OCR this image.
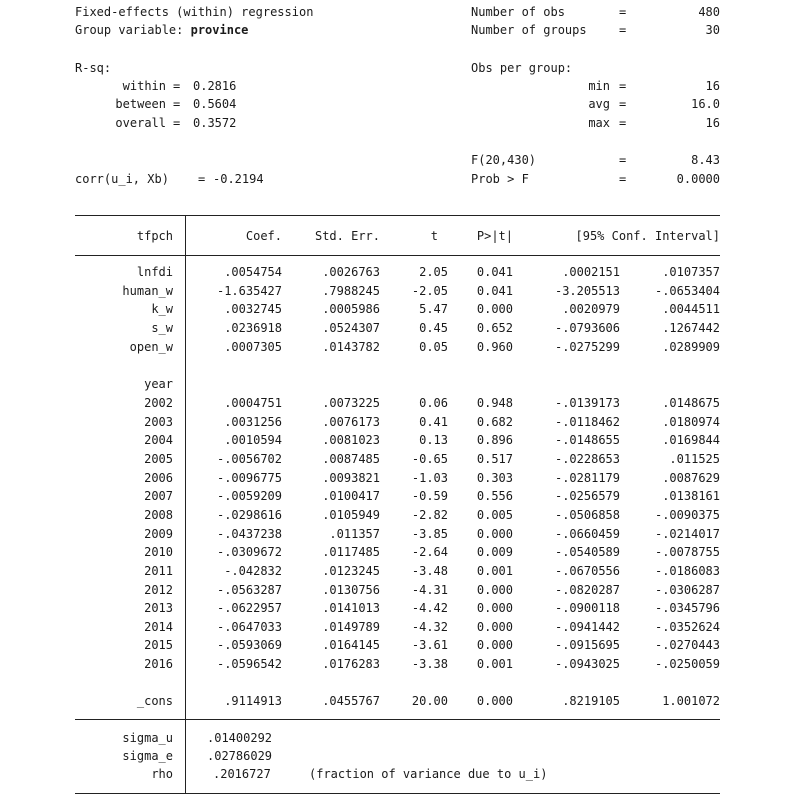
Fixed-effects (within) regression
Group variable: province
Number of obs	=	480
Number of groups	=	30
R-sq:
within = 0.2816
between = 0.5604
overall = 0.3572
Obs per group:
min =	16
avg =	16.0
max =	16
F(20,430)	=	8.43
Prob > F	=	0.0000
corr(u_i, Xb) = -0.2194
tfpch	Coef.	Std. Err.	t	P>|t|	[95% Conf. Interval]
lnfdi	.0054754	.0026763	2.05	0.041	.0002151	.0107357
human_w	-1.635427	.7988245	-2.05	0.041	-3.205513	-.0653404
k_w	.0032745	.0005986	5.47	0.000	.0020979	.0044511
s_w	.0236918	.0524307	0.45	0.652	-.0793606	.1267442
open_w	.0007305	.0143782	0.05	0.960	-.0275299	.0289909
year
2002	.0004751	.0073225	0.06	0.948	-.0139173	.0148675
2003	.0031256	.0076173	0.41	0.682	-.0118462	.0180974
2004	.0010594	.0081023	0.13	0.896	-.0148655	.0169844
2005	-.0056702	.0087485	-0.65	0.517	-.0228653	.011525
2006	-.0096775	.0093821	-1.03	0.303	-.0281179	.0087629
2007	-.0059209	.0100417	-0.59	0.556	-.0256579	.0138161
2008	-.0298616	.0105949	-2.82	0.005	-.0506858	-.0090375
2009	-.0437238	.011357	-3.85	0.000	-.0660459	-.0214017
2010	-.0309672	.0117485	-2.64	0.009	-.0540589	-.0078755
2011	-.042832	.0123245	-3.48	0.001	-.0670556	-.0186083
2012	-.0563287	.0130756	-4.31	0.000	-.0820287	-.0306287
2013	-.0622957	.0141013	-4.42	0.000	-.0900118	-.0345796
2014	-.0647033	.0149789	-4.32	0.000	-.0941442	-.0352624
2015	-.0593069	.0164145	-3.61	0.000	-.0915695	-.0270443
2016	-.0596542	.0176283	-3.38	0.001	-.0943025	-.0250059
_cons	.9114913	.0455767	20.00	0.000	.8219105	1.001072
sigma_u	.01400292
sigma_e	.02786029
rho	.2016727	(fraction of variance due to u_i)
